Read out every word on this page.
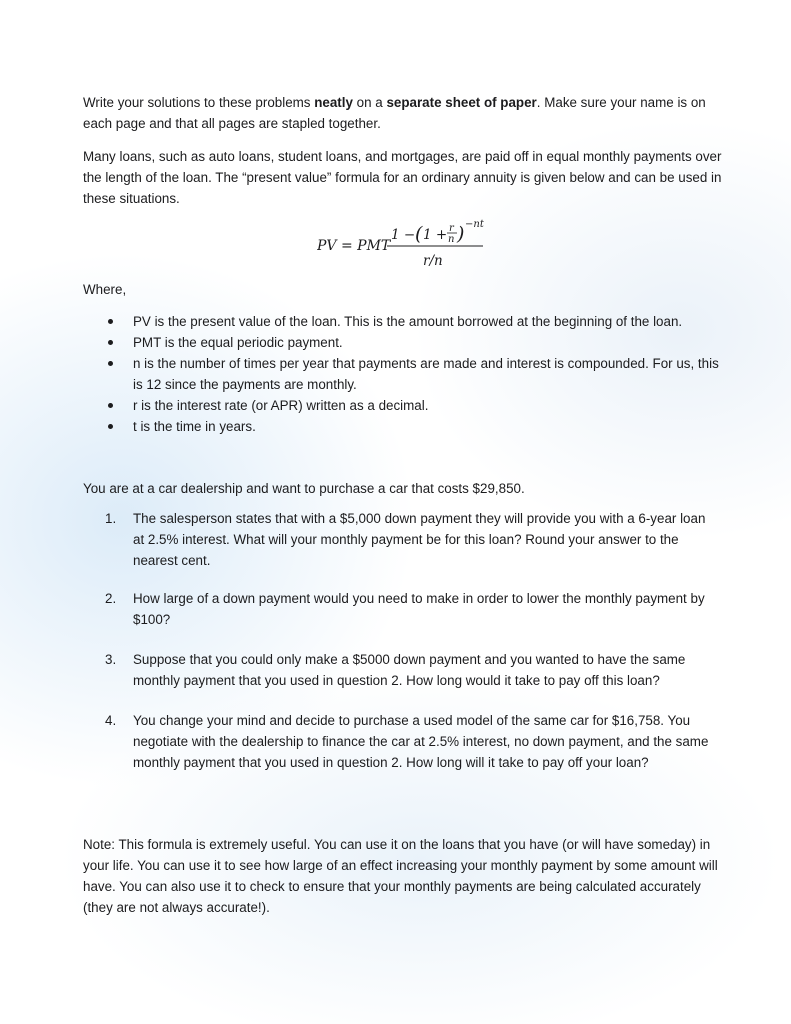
Write your solutions to these problems neatly on a separate sheet of paper. Make sure your name is on each page and that all pages are stapled together.
Many loans, such as auto loans, student loans, and mortgages, are paid off in equal monthly payments over the length of the loan. The “present value” formula for an ordinary annuity is given below and can be used in these situations.
PV = PMT
1 − ( 1 + r
n ) −nt
r/n
Where,
PV is the present value of the loan. This is the amount borrowed at the beginning of the loan.
PMT is the equal periodic payment.
n is the number of times per year that payments are made and interest is compounded. For us, this is 12 since the payments are monthly.
r is the interest rate (or APR) written as a decimal.
t is the time in years.
You are at a car dealership and want to purchase a car that costs $29,850.
1.	The salesperson states that with a $5,000 down payment they will provide you with a 6-year loan at 2.5% interest. What will your monthly payment be for this loan? Round your answer to the nearest cent.
2.	How large of a down payment would you need to make in order to lower the monthly payment by $100?
3.	Suppose that you could only make a $5000 down payment and you wanted to have the same monthly payment that you used in question 2. How long would it take to pay off this loan?
4.	You change your mind and decide to purchase a used model of the same car for $16,758. You negotiate with the dealership to finance the car at 2.5% interest, no down payment, and the same monthly payment that you used in question 2. How long will it take to pay off your loan?
Note: This formula is extremely useful. You can use it on the loans that you have (or will have someday) in your life. You can use it to see how large of an effect increasing your monthly payment by some amount will have. You can also use it to check to ensure that your monthly payments are being calculated accurately (they are not always accurate!).
